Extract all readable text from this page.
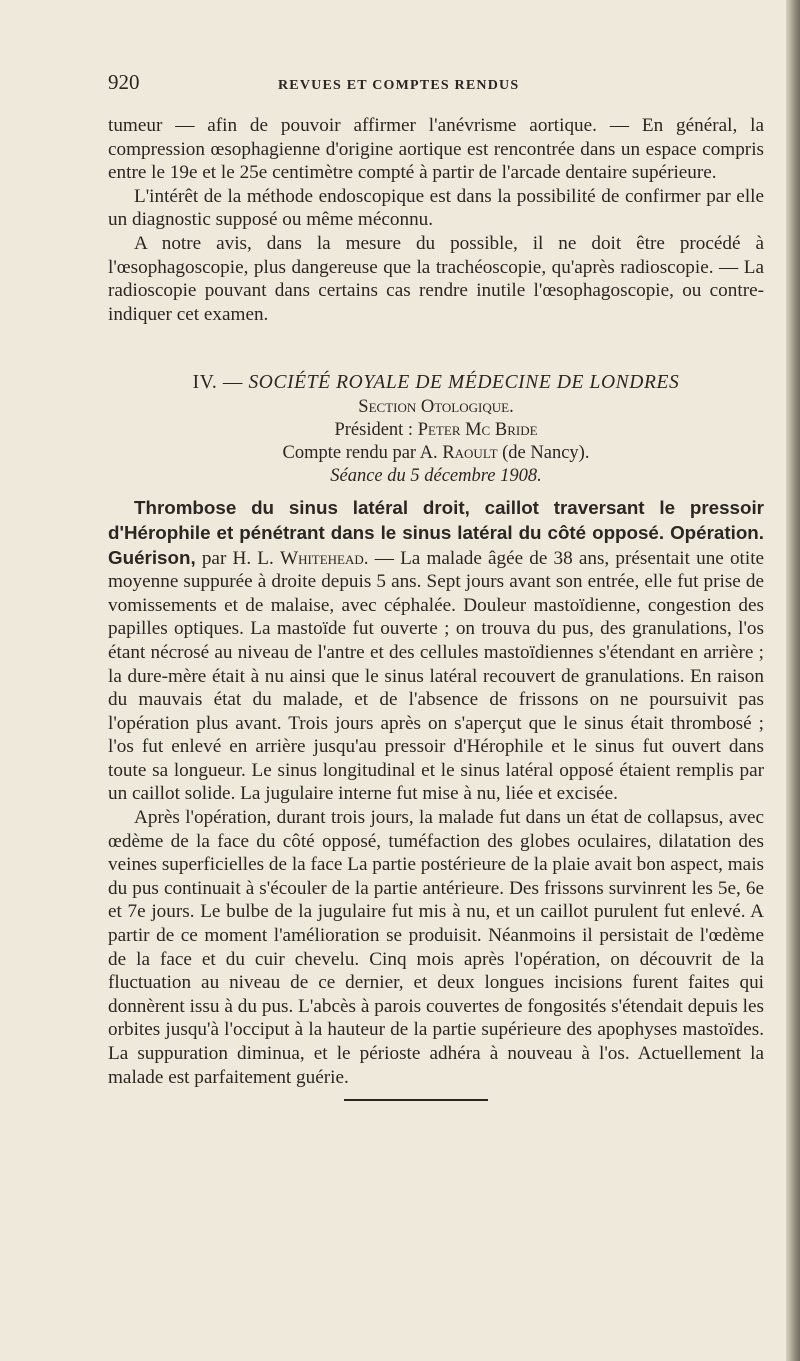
920	REVUES ET COMPTES RENDUS

tumeur — afin de pouvoir affirmer l'anévrisme aortique. — En général, la compression œsophagienne d'origine aortique est rencontrée dans un espace compris entre le 19e et le 25e centimètre compté à partir de l'arcade dentaire supérieure.

L'intérêt de la méthode endoscopique est dans la possibilité de confirmer par elle un diagnostic supposé ou même méconnu.

A notre avis, dans la mesure du possible, il ne doit être procédé à l'œsophagoscopie, plus dangereuse que la trachéoscopie, qu'après radioscopie. — La radioscopie pouvant dans certains cas rendre inutile l'œsophagoscopie, ou contre-indiquer cet examen.

IV. — SOCIÉTÉ ROYALE DE MÉDECINE DE LONDRES
Section Otologique.
Président : Peter Mc Bride
Compte rendu par A. Raoult (de Nancy).
Séance du 5 décembre 1908.

Thrombose du sinus latéral droit, caillot traversant le pressoir d'Hérophile et pénétrant dans le sinus latéral du côté opposé. Opération. Guérison, par H. L. Whitehead. — La malade âgée de 38 ans, présentait une otite moyenne suppurée à droite depuis 5 ans. Sept jours avant son entrée, elle fut prise de vomissements et de malaise, avec céphalée. Douleur mastoïdienne, congestion des papilles optiques. La mastoïde fut ouverte ; on trouva du pus, des granulations, l'os étant nécrosé au niveau de l'antre et des cellules mastoïdiennes s'étendant en arrière ; la dure-mère était à nu ainsi que le sinus latéral recouvert de granulations. En raison du mauvais état du malade, et de l'absence de frissons on ne poursuivit pas l'opération plus avant. Trois jours après on s'aperçut que le sinus était thrombosé ; l'os fut enlevé en arrière jusqu'au pressoir d'Hérophile et le sinus fut ouvert dans toute sa longueur. Le sinus longitudinal et le sinus latéral opposé étaient remplis par un caillot solide. La jugulaire interne fut mise à nu, liée et excisée.

Après l'opération, durant trois jours, la malade fut dans un état de collapsus, avec œdème de la face du côté opposé, tuméfaction des globes oculaires, dilatation des veines superficielles de la face La partie postérieure de la plaie avait bon aspect, mais du pus continuait à s'écouler de la partie antérieure. Des frissons survinrent les 5e, 6e et 7e jours. Le bulbe de la jugulaire fut mis à nu, et un caillot purulent fut enlevé. A partir de ce moment l'amélioration se produisit. Néanmoins il persistait de l'œdème de la face et du cuir chevelu. Cinq mois après l'opération, on découvrit de la fluctuation au niveau de ce dernier, et deux longues incisions furent faites qui donnèrent issu à du pus. L'abcès à parois couvertes de fongosités s'étendait depuis les orbites jusqu'à l'occiput à la hauteur de la partie supérieure des apophyses mastoïdes. La suppuration diminua, et le périoste adhéra à nouveau à l'os. Actuellement la malade est parfaitement guérie.
